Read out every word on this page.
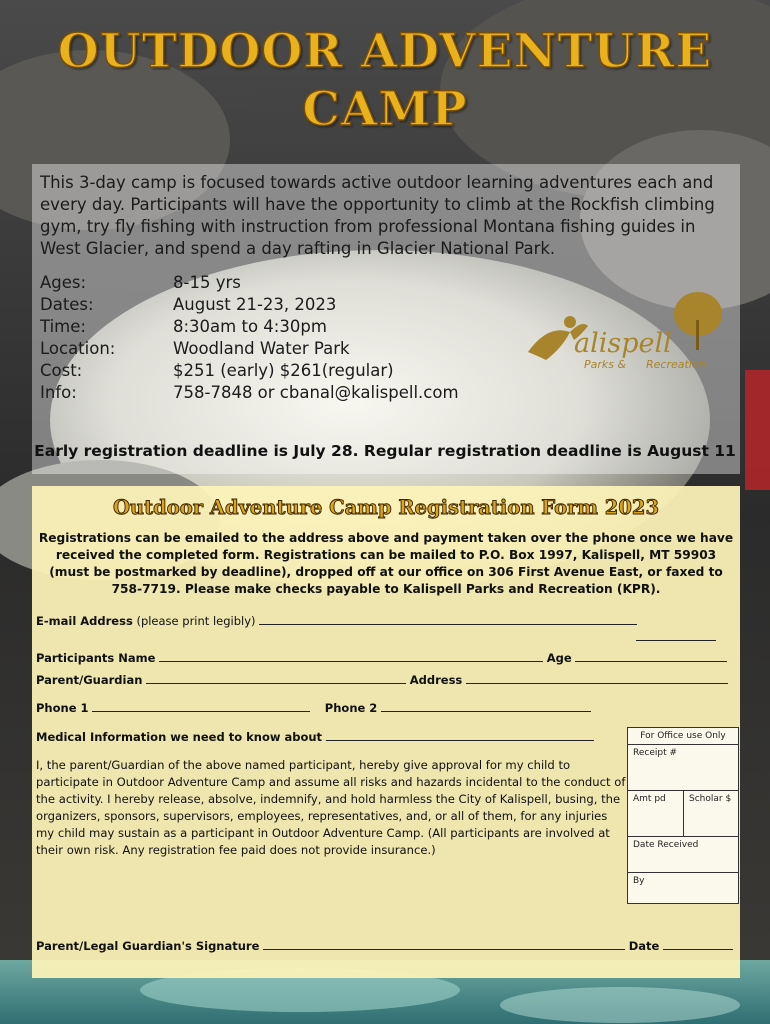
OUTDOOR ADVENTURE
CAMP
This 3-day camp is focused towards active outdoor learning adventures each and every day. Participants will have the opportunity to climb at the Rockfish climbing gym, try fly fishing with instruction from professional Montana fishing guides in West Glacier, and spend a day rafting in Glacier National Park.
Ages:	8-15 yrs
Dates:	August 21-23, 2023
Time:	8:30am to 4:30pm
Location:	Woodland Water Park
Cost:	$251 (early) $261(regular)
Info:	758-7848 or cbanal@kalispell.com
alispell
Parks & Recreation
Early registration deadline is July 28. Regular registration deadline is August 11
Outdoor Adventure Camp Registration Form 2023
Registrations can be emailed to the address above and payment taken over the phone once we have received the completed form. Registrations can be mailed to P.O. Box 1997, Kalispell, MT 59903 (must be postmarked by deadline), dropped off at our office on 306 First Avenue East, or faxed to 758-7719. Please make checks payable to Kalispell Parks and Recreation (KPR).
E-mail Address (please print legibly)
Participants Name	Age
Parent/Guardian	Address
Phone 1	Phone 2
Medical Information we need to know about
I, the parent/Guardian of the above named participant, hereby give approval for my child to participate in Outdoor Adventure Camp and assume all risks and hazards incidental to the conduct of the activity. I hereby release, absolve, indemnify, and hold harmless the City of Kalispell, busing, the organizers, sponsors, supervisors, employees, representatives, and, or all of them, for any injuries my child may sustain as a participant in Outdoor Adventure Camp. (All participants are involved at their own risk. Any registration fee paid does not provide insurance.)
For Office use Only
Receipt #
Amt pd	Scholar $
Date Received
By
Parent/Legal Guardian's Signature	Date
